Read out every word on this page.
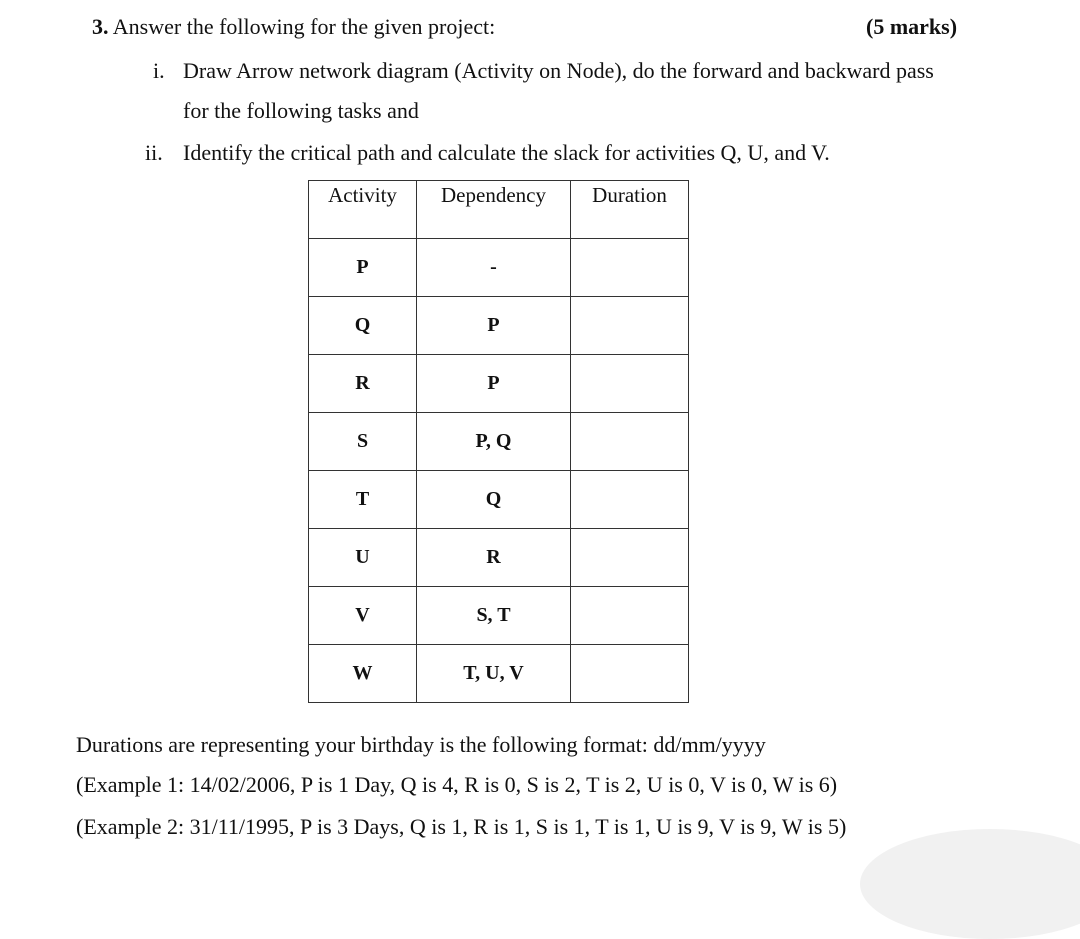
3. Answer the following for the given project:	(5 marks)
i. Draw Arrow network diagram (Activity on Node), do the forward and backward pass
for the following tasks and
ii. Identify the critical path and calculate the slack for activities Q, U, and V.
Activity	Dependency	Duration

P	-	
Q	P	
R	P	
S	P, Q	
T	Q	
U	R	
V	S, T	
W	T, U, V	
Durations are representing your birthday is the following format: dd/mm/yyyy
(Example 1: 14/02/2006, P is 1 Day, Q is 4, R is 0, S is 2, T is 2, U is 0, V is 0, W is 6)
(Example 2: 31/11/1995, P is 3 Days, Q is 1, R is 1, S is 1, T is 1, U is 9, V is 9, W is 5)
